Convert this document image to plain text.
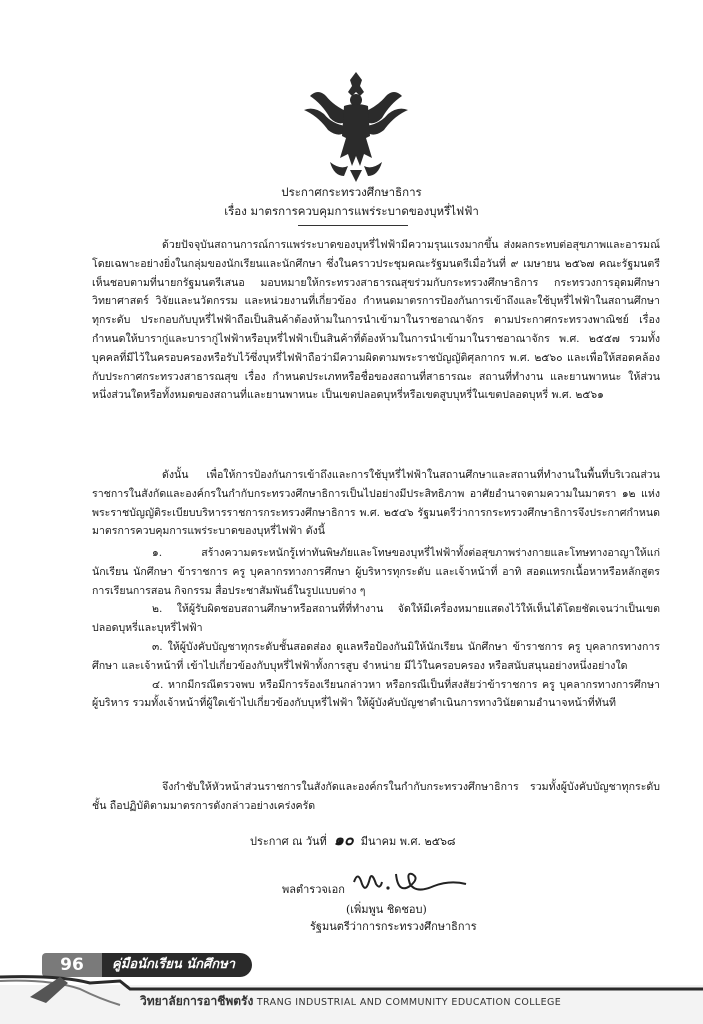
ประกาศกระทรวงศึกษาธิการ
เรื่อง มาตรการควบคุมการแพร่ระบาดของบุหรี่ไฟฟ้า

ด้วยปัจจุบันสถานการณ์การแพร่ระบาดของบุหรี่ไฟฟ้ามีความรุนแรงมากขึ้น ส่งผลกระทบต่อสุขภาพและอารมณ์ โดยเฉพาะอย่างยิ่งในกลุ่มของนักเรียนและนักศึกษา ซึ่งในคราวประชุมคณะรัฐมนตรีเมื่อวันที่ ๙ เมษายน ๒๕๖๗ คณะรัฐมนตรีเห็นชอบตามที่นายกรัฐมนตรีเสนอ มอบหมายให้กระทรวงสาธารณสุขร่วมกับกระทรวงศึกษาธิการ กระทรวงการอุดมศึกษา วิทยาศาสตร์ วิจัยและนวัตกรรม และหน่วยงานที่เกี่ยวข้อง กำหนดมาตรการป้องกันการเข้าถึงและใช้บุหรี่ไฟฟ้าในสถานศึกษาทุกระดับ ประกอบกับบุหรี่ไฟฟ้าถือเป็นสินค้าต้องห้ามในการนำเข้ามาในราชอาณาจักร ตามประกาศกระทรวงพาณิชย์ เรื่อง กำหนดให้บารากู่และบารากู่ไฟฟ้าหรือบุหรี่ไฟฟ้าเป็นสินค้าที่ต้องห้ามในการนำเข้ามาในราชอาณาจักร พ.ศ. ๒๕๕๗ รวมทั้งบุคคลที่มีไว้ในครอบครองหรือรับไว้ซึ่งบุหรี่ไฟฟ้าถือว่ามีความผิดตามพระราชบัญญัติศุลกากร พ.ศ. ๒๕๖๐ และเพื่อให้สอดคล้องกับประกาศกระทรวงสาธารณสุข เรื่อง กำหนดประเภทหรือชื่อของสถานที่สาธารณะ สถานที่ทำงาน และยานพาหนะ ให้ส่วนหนึ่งส่วนใดหรือทั้งหมดของสถานที่และยานพาหนะ เป็นเขตปลอดบุหรี่หรือเขตสูบบุหรี่ในเขตปลอดบุหรี่ พ.ศ. ๒๕๖๑

ดังนั้น เพื่อให้การป้องกันการเข้าถึงและการใช้บุหรี่ไฟฟ้าในสถานศึกษาและสถานที่ทำงานในพื้นที่บริเวณส่วนราชการในสังกัดและองค์กรในกำกับกระทรวงศึกษาธิการเป็นไปอย่างมีประสิทธิภาพ อาศัยอำนาจตามความในมาตรา ๑๒ แห่งพระราชบัญญัติระเบียบบริหารราชการกระทรวงศึกษาธิการ พ.ศ. ๒๕๔๖ รัฐมนตรีว่าการกระทรวงศึกษาธิการจึงประกาศกำหนดมาตรการควบคุมการแพร่ระบาดของบุหรี่ไฟฟ้า ดังนี้

๑. สร้างความตระหนักรู้เท่าทันพิษภัยและโทษของบุหรี่ไฟฟ้าทั้งต่อสุขภาพร่างกายและโทษทางอาญาให้แก่นักเรียน นักศึกษา ข้าราชการ ครู บุคลากรทางการศึกษา ผู้บริหารทุกระดับ และเจ้าหน้าที่ อาทิ สอดแทรกเนื้อหาหรือหลักสูตรการเรียนการสอน กิจกรรม สื่อประชาสัมพันธ์ในรูปแบบต่าง ๆ

๒. ให้ผู้รับผิดชอบสถานศึกษาหรือสถานที่ที่ทำงาน จัดให้มีเครื่องหมายแสดงไว้ให้เห็นได้โดยชัดเจนว่าเป็นเขตปลอดบุหรี่และบุหรี่ไฟฟ้า

๓. ให้ผู้บังคับบัญชาทุกระดับชั้นสอดส่อง ดูแลหรือป้องกันมิให้นักเรียน นักศึกษา ข้าราชการ ครู บุคลากรทางการศึกษา และเจ้าหน้าที่ เข้าไปเกี่ยวข้องกับบุหรี่ไฟฟ้าทั้งการสูบ จำหน่าย มีไว้ในครอบครอง หรือสนับสนุนอย่างหนึ่งอย่างใด

๔. หากมีกรณีตรวจพบ หรือมีการร้องเรียนกล่าวหา หรือกรณีเป็นที่สงสัยว่าข้าราชการ ครู บุคลากรทางการศึกษา ผู้บริหาร รวมทั้งเจ้าหน้าที่ผู้ใดเข้าไปเกี่ยวข้องกับบุหรี่ไฟฟ้า ให้ผู้บังคับบัญชาดำเนินการทางวินัยตามอำนาจหน้าที่ทันที

จึงกำชับให้หัวหน้าส่วนราชการในสังกัดและองค์กรในกำกับกระทรวงศึกษาธิการ รวมทั้งผู้บังคับบัญชาทุกระดับชั้น ถือปฏิบัติตามมาตรการดังกล่าวอย่างเคร่งครัด

ประกาศ ณ วันที่ ๑๐ มีนาคม พ.ศ. ๒๕๖๘
พลตำรวจเอก
(เพิ่มพูน ชิดชอบ)
รัฐมนตรีว่าการกระทรวงศึกษาธิการ
96	คู่มือนักเรียน นักศึกษา
วิทยาลัยการอาชีพตรัง TRANG INDUSTRIAL AND COMMUNITY EDUCATION COLLEGE
